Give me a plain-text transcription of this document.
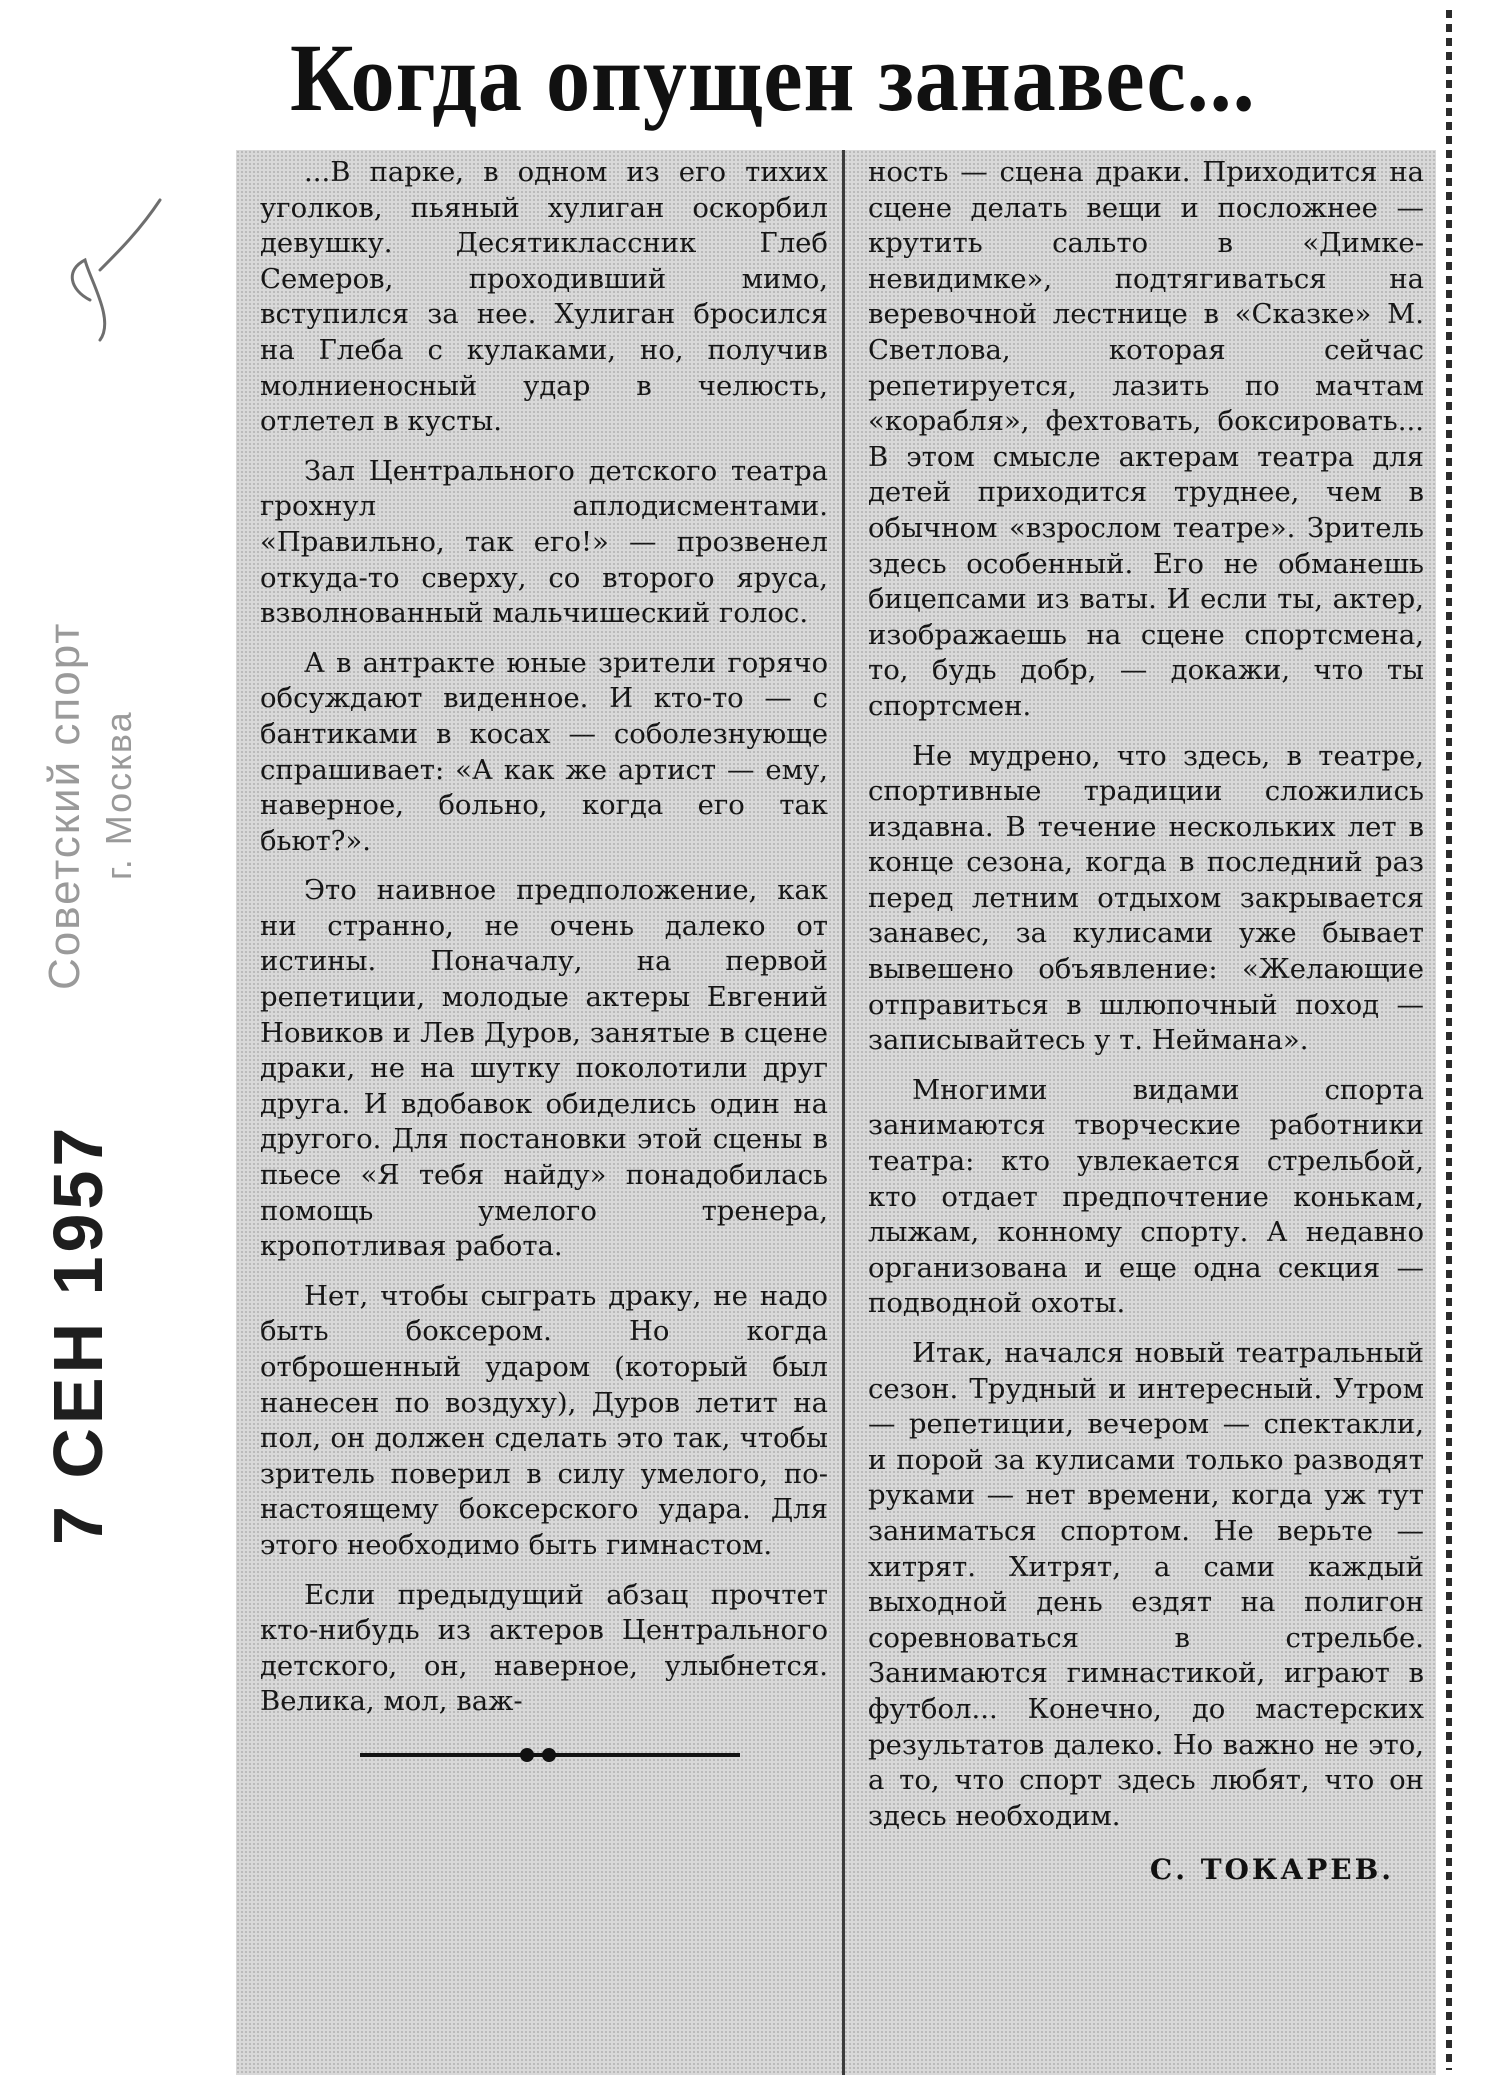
Советский спорт г. Москва
7 СЕН 1957
Когда опущен занавес...

...В парке, в одном из его тихих уголков, пьяный хулиган оскорбил девушку. Десятиклассник Глеб Семеров, проходивший мимо, вступился за нее. Хулиган бросился на Глеба с кулаками, но, получив молниеносный удар в челюсть, отлетел в кусты.

Зал Центрального детского театра грохнул аплодисментами. «Правильно, так его!» — прозвенел откуда-то сверху, со второго яруса, взволнованный мальчишеский голос.

А в антракте юные зрители горячо обсуждают виденное. И кто-то — с бантиками в косах — соболезнующе спрашивает: «А как же артист — ему, наверное, больно, когда его так бьют?».

Это наивное предположение, как ни странно, не очень далеко от истины. Поначалу, на первой репетиции, молодые актеры Евгений Новиков и Лев Дуров, занятые в сцене драки, не на шутку поколотили друг друга. И вдобавок обиделись один на другого. Для постановки этой сцены в пьесе «Я тебя найду» понадобилась помощь умелого тренера, кропотливая работа.

Нет, чтобы сыграть драку, не надо быть боксером. Но когда отброшенный ударом (который был нанесен по воздуху), Дуров летит на пол, он должен сделать это так, чтобы зритель поверил в силу умелого, по-настоящему боксерского удара. Для этого необходимо быть гимнастом.

Если предыдущий абзац прочтет кто-нибудь из актеров Центрального детского, он, наверное, улыбнется. Велика, мол, важ-

ность — сцена драки. Приходится на сцене делать вещи и посложнее — крутить сальто в «Димке-невидимке», подтягиваться на веревочной лестнице в «Сказке» М. Светлова, которая сейчас репетируется, лазить по мачтам «корабля», фехтовать, боксировать... В этом смысле актерам театра для детей приходится труднее, чем в обычном «взрослом театре». Зритель здесь особенный. Его не обманешь бицепсами из ваты. И если ты, актер, изображаешь на сцене спортсмена, то, будь добр, — докажи, что ты спортсмен.

Не мудрено, что здесь, в театре, спортивные традиции сложились издавна. В течение нескольких лет в конце сезона, когда в последний раз перед летним отдыхом закрывается занавес, за кулисами уже бывает вывешено объявление: «Желающие отправиться в шлюпочный поход — записывайтесь у т. Неймана».

Многими видами спорта занимаются творческие работники театра: кто увлекается стрельбой, кто отдает предпочтение конькам, лыжам, конному спорту. А недавно организована и еще одна секция — подводной охоты.

Итак, начался новый театральный сезон. Трудный и интересный. Утром — репетиции, вечером — спектакли, и порой за кулисами только разводят руками — нет времени, когда уж тут заниматься спортом. Не верьте — хитрят. Хитрят, а сами каждый выходной день ездят на полигон соревноваться в стрельбе. Занимаются гимнастикой, играют в футбол... Конечно, до мастерских результатов далеко. Но важно не это, а то, что спорт здесь любят, что он здесь необходим.

С. ТОКАРЕВ.
